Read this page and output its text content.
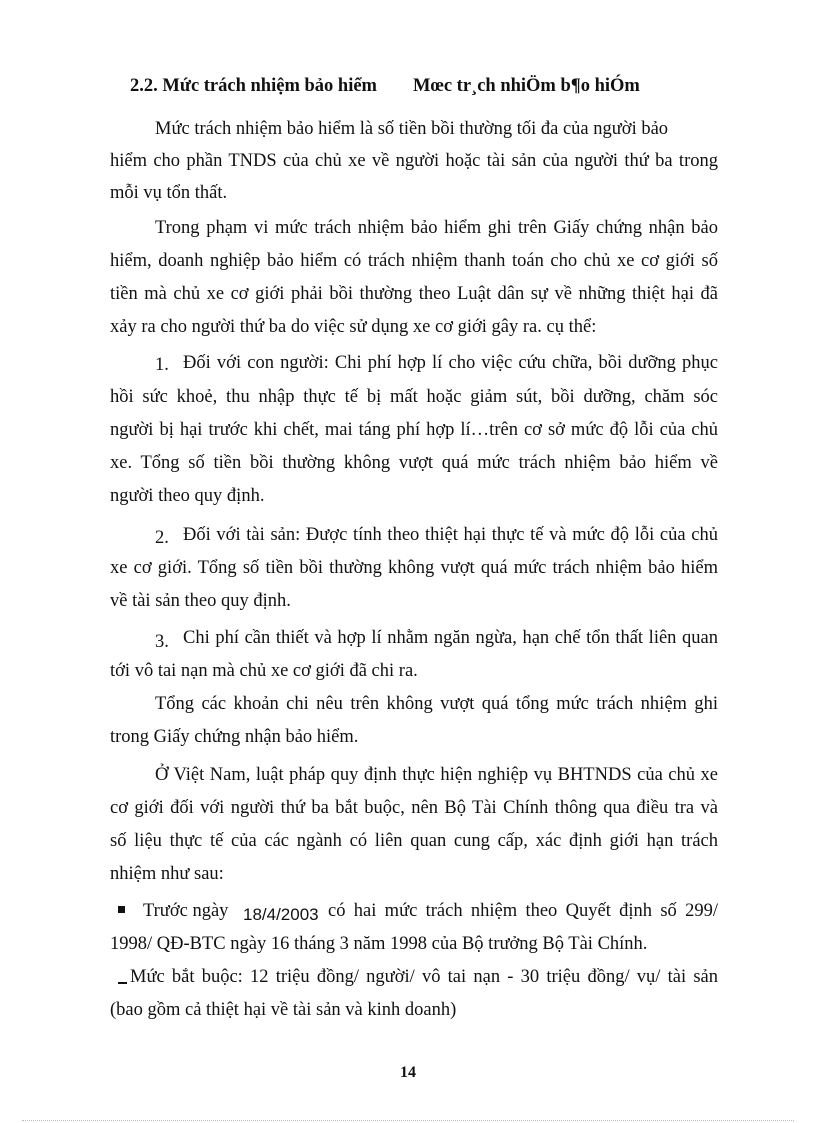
2.2. Mức trách nhiệm bảo hiểm Mœc tr¸ch nhiÖm b¶o hiÓm
Mức trách nhiệm bảo hiểm là số tiền bồi thường tối đa của người bảo
hiểm cho phần TNDS của chủ xe về người hoặc tài sản của người thứ ba trong
mỗi vụ tổn thất.
Trong phạm vi mức trách nhiệm bảo hiểm ghi trên Giấy chứng nhận bảo
hiểm, doanh nghiệp bảo hiểm có trách nhiệm thanh toán cho chủ xe cơ giới số
tiền mà chủ xe cơ giới phải bồi thường theo Luật dân sự về những thiệt hại đã
xảy ra cho người thứ ba do việc sử dụng xe cơ giới gây ra. cụ thể:
1. Đối với con người: Chi phí hợp lí cho việc cứu chữa, bồi dưỡng phục
hồi sức khoẻ, thu nhập thực tế bị mất hoặc giảm sút, bồi dưỡng, chăm sóc
người bị hại trước khi chết, mai táng phí hợp lí…trên cơ sở mức độ lỗi của chủ
xe. Tổng số tiền bồi thường không vượt quá mức trách nhiệm bảo hiểm về
người theo quy định.
2. Đối với tài sản: Được tính theo thiệt hại thực tế và mức độ lỗi của chủ
xe cơ giới. Tổng số tiền bồi thường không vượt quá mức trách nhiệm bảo hiểm
về tài sản theo quy định.
3. Chi phí cần thiết và hợp lí nhằm ngăn ngừa, hạn chế tổn thất liên quan
tới vô tai nạn mà chủ xe cơ giới đã chi ra.
Tổng các khoản chi nêu trên không vượt quá tổng mức trách nhiệm ghi
trong Giấy chứng nhận bảo hiểm.
Ở Việt Nam, luật pháp quy định thực hiện nghiệp vụ BHTNDS của chủ xe
cơ giới đối với người thứ ba bắt buộc, nên Bộ Tài Chính thông qua điều tra và
số liệu thực tế của các ngành có liên quan cung cấp, xác định giới hạn trách
nhiệm như sau:
Trước ngày 18/4/2003 có hai mức trách nhiệm theo Quyết định số 299/
1998/ QĐ-BTC ngày 16 tháng 3 năm 1998 của Bộ trưởng Bộ Tài Chính.
Mức bắt buộc: 12 triệu đồng/ người/ vô tai nạn - 30 triệu đồng/ vụ/ tài sản
(bao gồm cả thiệt hại về tài sản và kinh doanh)
14
